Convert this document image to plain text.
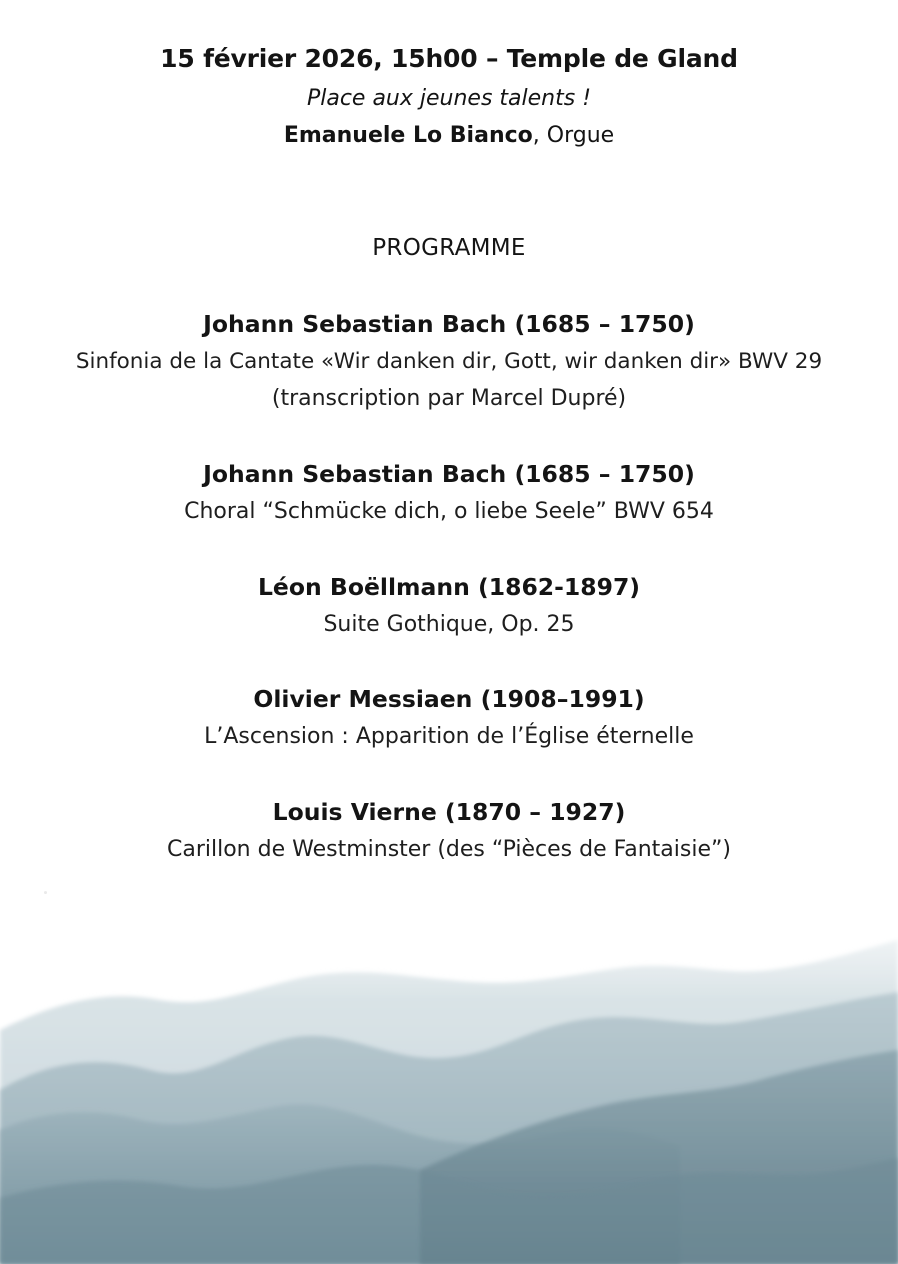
15 février 2026, 15h00 – Temple de Gland
Place aux jeunes talents !
Emanuele Lo Bianco, Orgue
PROGRAMME
Johann Sebastian Bach (1685 – 1750)
Sinfonia de la Cantate «Wir danken dir, Gott, wir danken dir» BWV 29
(transcription par Marcel Dupré)
Johann Sebastian Bach (1685 – 1750)
Choral “Schmücke dich, o liebe Seele” BWV 654
Léon Boëllmann (1862-1897)
Suite Gothique, Op. 25
Olivier Messiaen (1908–1991)
L’Ascension : Apparition de l’Église éternelle
Louis Vierne (1870 – 1927)
Carillon de Westminster (des “Pièces de Fantaisie”)
